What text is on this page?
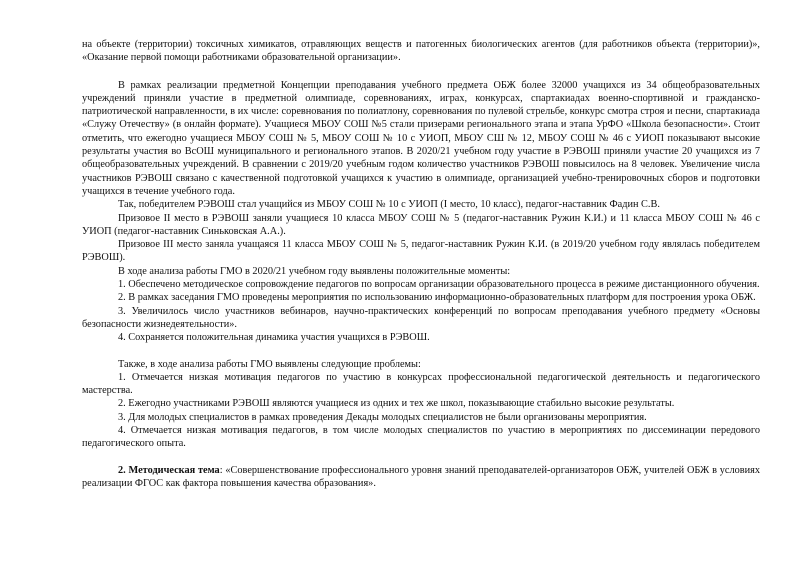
на объекте (территории) токсичных химикатов, отравляющих веществ и патогенных биологических агентов (для работников объекта (территории)», «Оказание первой помощи работниками образовательной организации».

В рамках реализации предметной Концепции преподавания учебного предмета ОБЖ более 32000 учащихся из 34 общеобразовательных учреждений приняли участие в предметной олимпиаде, соревнованиях, играх, конкурсах, спартакиадах военно-спортивной и гражданско-патриотической направленности, в их числе: соревнования по полиатлону, соревнования по пулевой стрельбе, конкурс смотра строя и песни, спартакиада «Служу Отечеству» (в онлайн формате). Учащиеся МБОУ СОШ №5 стали призерами регионального этапа и этапа УрФО «Школа безопасности». Стоит отметить, что ежегодно учащиеся МБОУ СОШ № 5, МБОУ СОШ № 10 с УИОП, МБОУ СШ № 12, МБОУ СОШ № 46 с УИОП показывают высокие результаты участия во ВсОШ муниципального и регионального этапов. В 2020/21 учебном году участие в РЭВОШ приняли участие 20 учащихся из 7 общеобразовательных учреждений. В сравнении с 2019/20 учебным годом количество участников РЭВОШ повысилось на 8 человек. Увеличение числа участников РЭВОШ связано с качественной подготовкой учащихся к участию в олимпиаде, организацией учебно-тренировочных сборов и подготовки учащихся в течение учебного года.

Так, победителем РЭВОШ стал учащийся из МБОУ СОШ № 10 с УИОП (I место, 10 класс), педагог-наставник Фадин С.В.

Призовое II место в РЭВОШ заняли учащиеся 10 класса МБОУ СОШ № 5 (педагог-наставник Ружин К.И.) и 11 класса МБОУ СОШ № 46 с УИОП (педагог-наставник Синьковская А.А.).

Призовое III место заняла учащаяся 11 класса МБОУ СОШ № 5, педагог-наставник Ружин К.И. (в 2019/20 учебном году являлась победителем РЭВОШ).

В ходе анализа работы ГМО в 2020/21 учебном году выявлены положительные моменты:

1. Обеспечено методическое сопровождение педагогов по вопросам организации образовательного процесса в режиме дистанционного обучения.

2. В рамках заседания ГМО проведены мероприятия по использованию информационно-образовательных платформ для построения урока ОБЖ.

3. Увеличилось число участников вебинаров, научно-практических конференций по вопросам преподавания учебного предмету «Основы безопасности жизнедеятельности».

4. Сохраняется положительная динамика участия учащихся в РЭВОШ.

Также, в ходе анализа работы ГМО выявлены следующие проблемы:

1. Отмечается низкая мотивация педагогов по участию в конкурсах профессиональной педагогической деятельность и педагогического мастерства.

2. Ежегодно участниками РЭВОШ являются учащиеся из одних и тех же школ, показывающие стабильно высокие результаты.

3. Для молодых специалистов в рамках проведения Декады молодых специалистов не были организованы мероприятия.

4. Отмечается низкая мотивация педагогов, в том числе молодых специалистов по участию в мероприятиях по диссеминации передового педагогического опыта.

2. Методическая тема: «Совершенствование профессионального уровня знаний преподавателей-организаторов ОБЖ, учителей ОБЖ в условиях реализации ФГОС как фактора повышения качества образования».
